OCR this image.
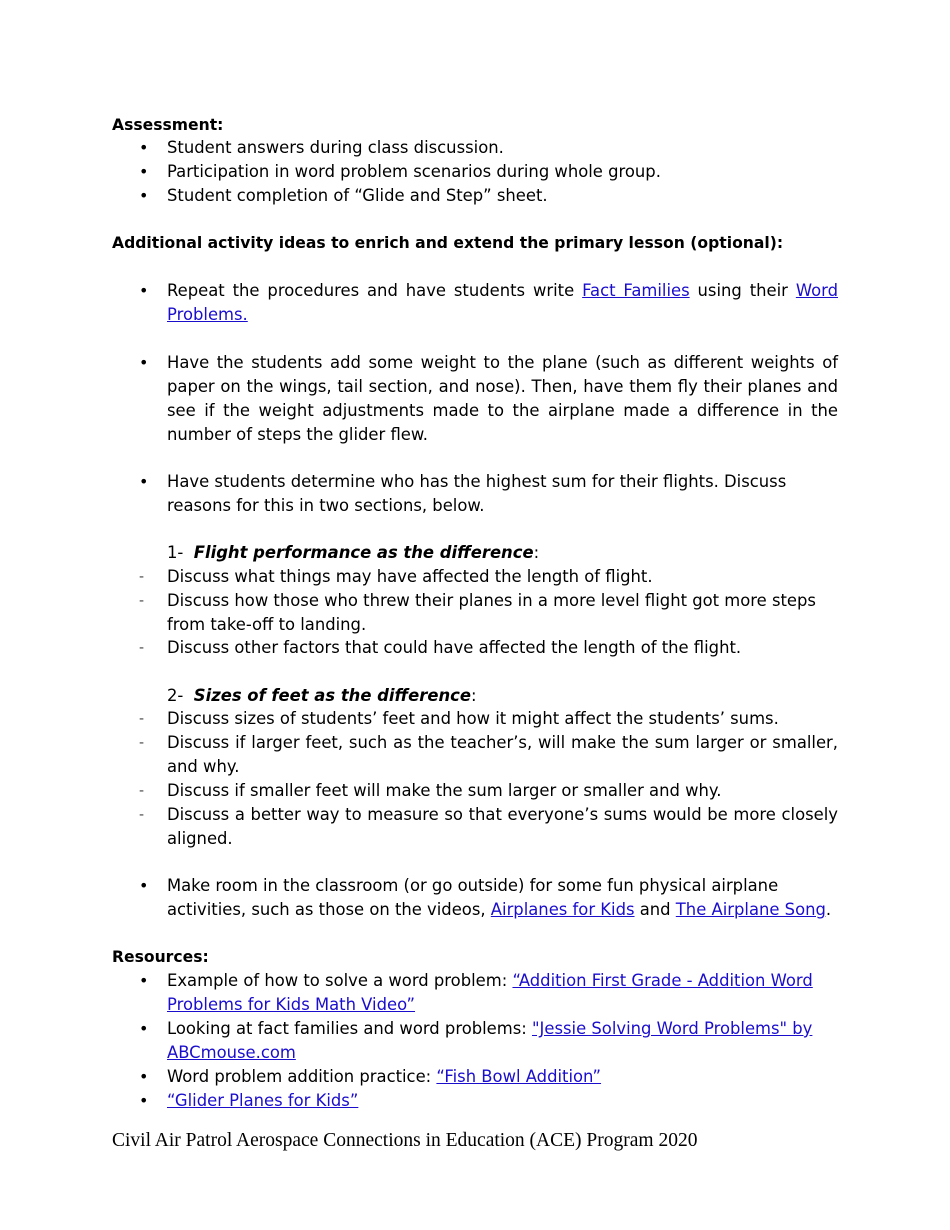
Assessment:
• Student answers during class discussion.
• Participation in word problem scenarios during whole group.
• Student completion of “Glide and Step” sheet.
Additional activity ideas to enrich and extend the primary lesson (optional):
• Repeat the procedures and have students write Fact Families using their Word Problems.
• Have the students add some weight to the plane (such as different weights of paper on the wings, tail section, and nose). Then, have them fly their planes and see if the weight adjustments made to the airplane made a difference in the number of steps the glider flew.
• Have students determine who has the highest sum for their flights. Discuss reasons for this in two sections, below.
1- Flight performance as the difference:
- Discuss what things may have affected the length of flight.
- Discuss how those who threw their planes in a more level flight got more steps from take-off to landing.
- Discuss other factors that could have affected the length of the flight.
2- Sizes of feet as the difference:
- Discuss sizes of students’ feet and how it might affect the students’ sums.
- Discuss if larger feet, such as the teacher’s, will make the sum larger or smaller, and why.
- Discuss if smaller feet will make the sum larger or smaller and why.
- Discuss a better way to measure so that everyone’s sums would be more closely aligned.
• Make room in the classroom (or go outside) for some fun physical airplane activities, such as those on the videos, Airplanes for Kids and The Airplane Song.
Resources:
• Example of how to solve a word problem: “Addition First Grade - Addition Word Problems for Kids Math Video”
• Looking at fact families and word problems: "Jessie Solving Word Problems" by ABCmouse.com
• Word problem addition practice: “Fish Bowl Addition”
• “Glider Planes for Kids”
Civil Air Patrol Aerospace Connections in Education (ACE) Program 2020
